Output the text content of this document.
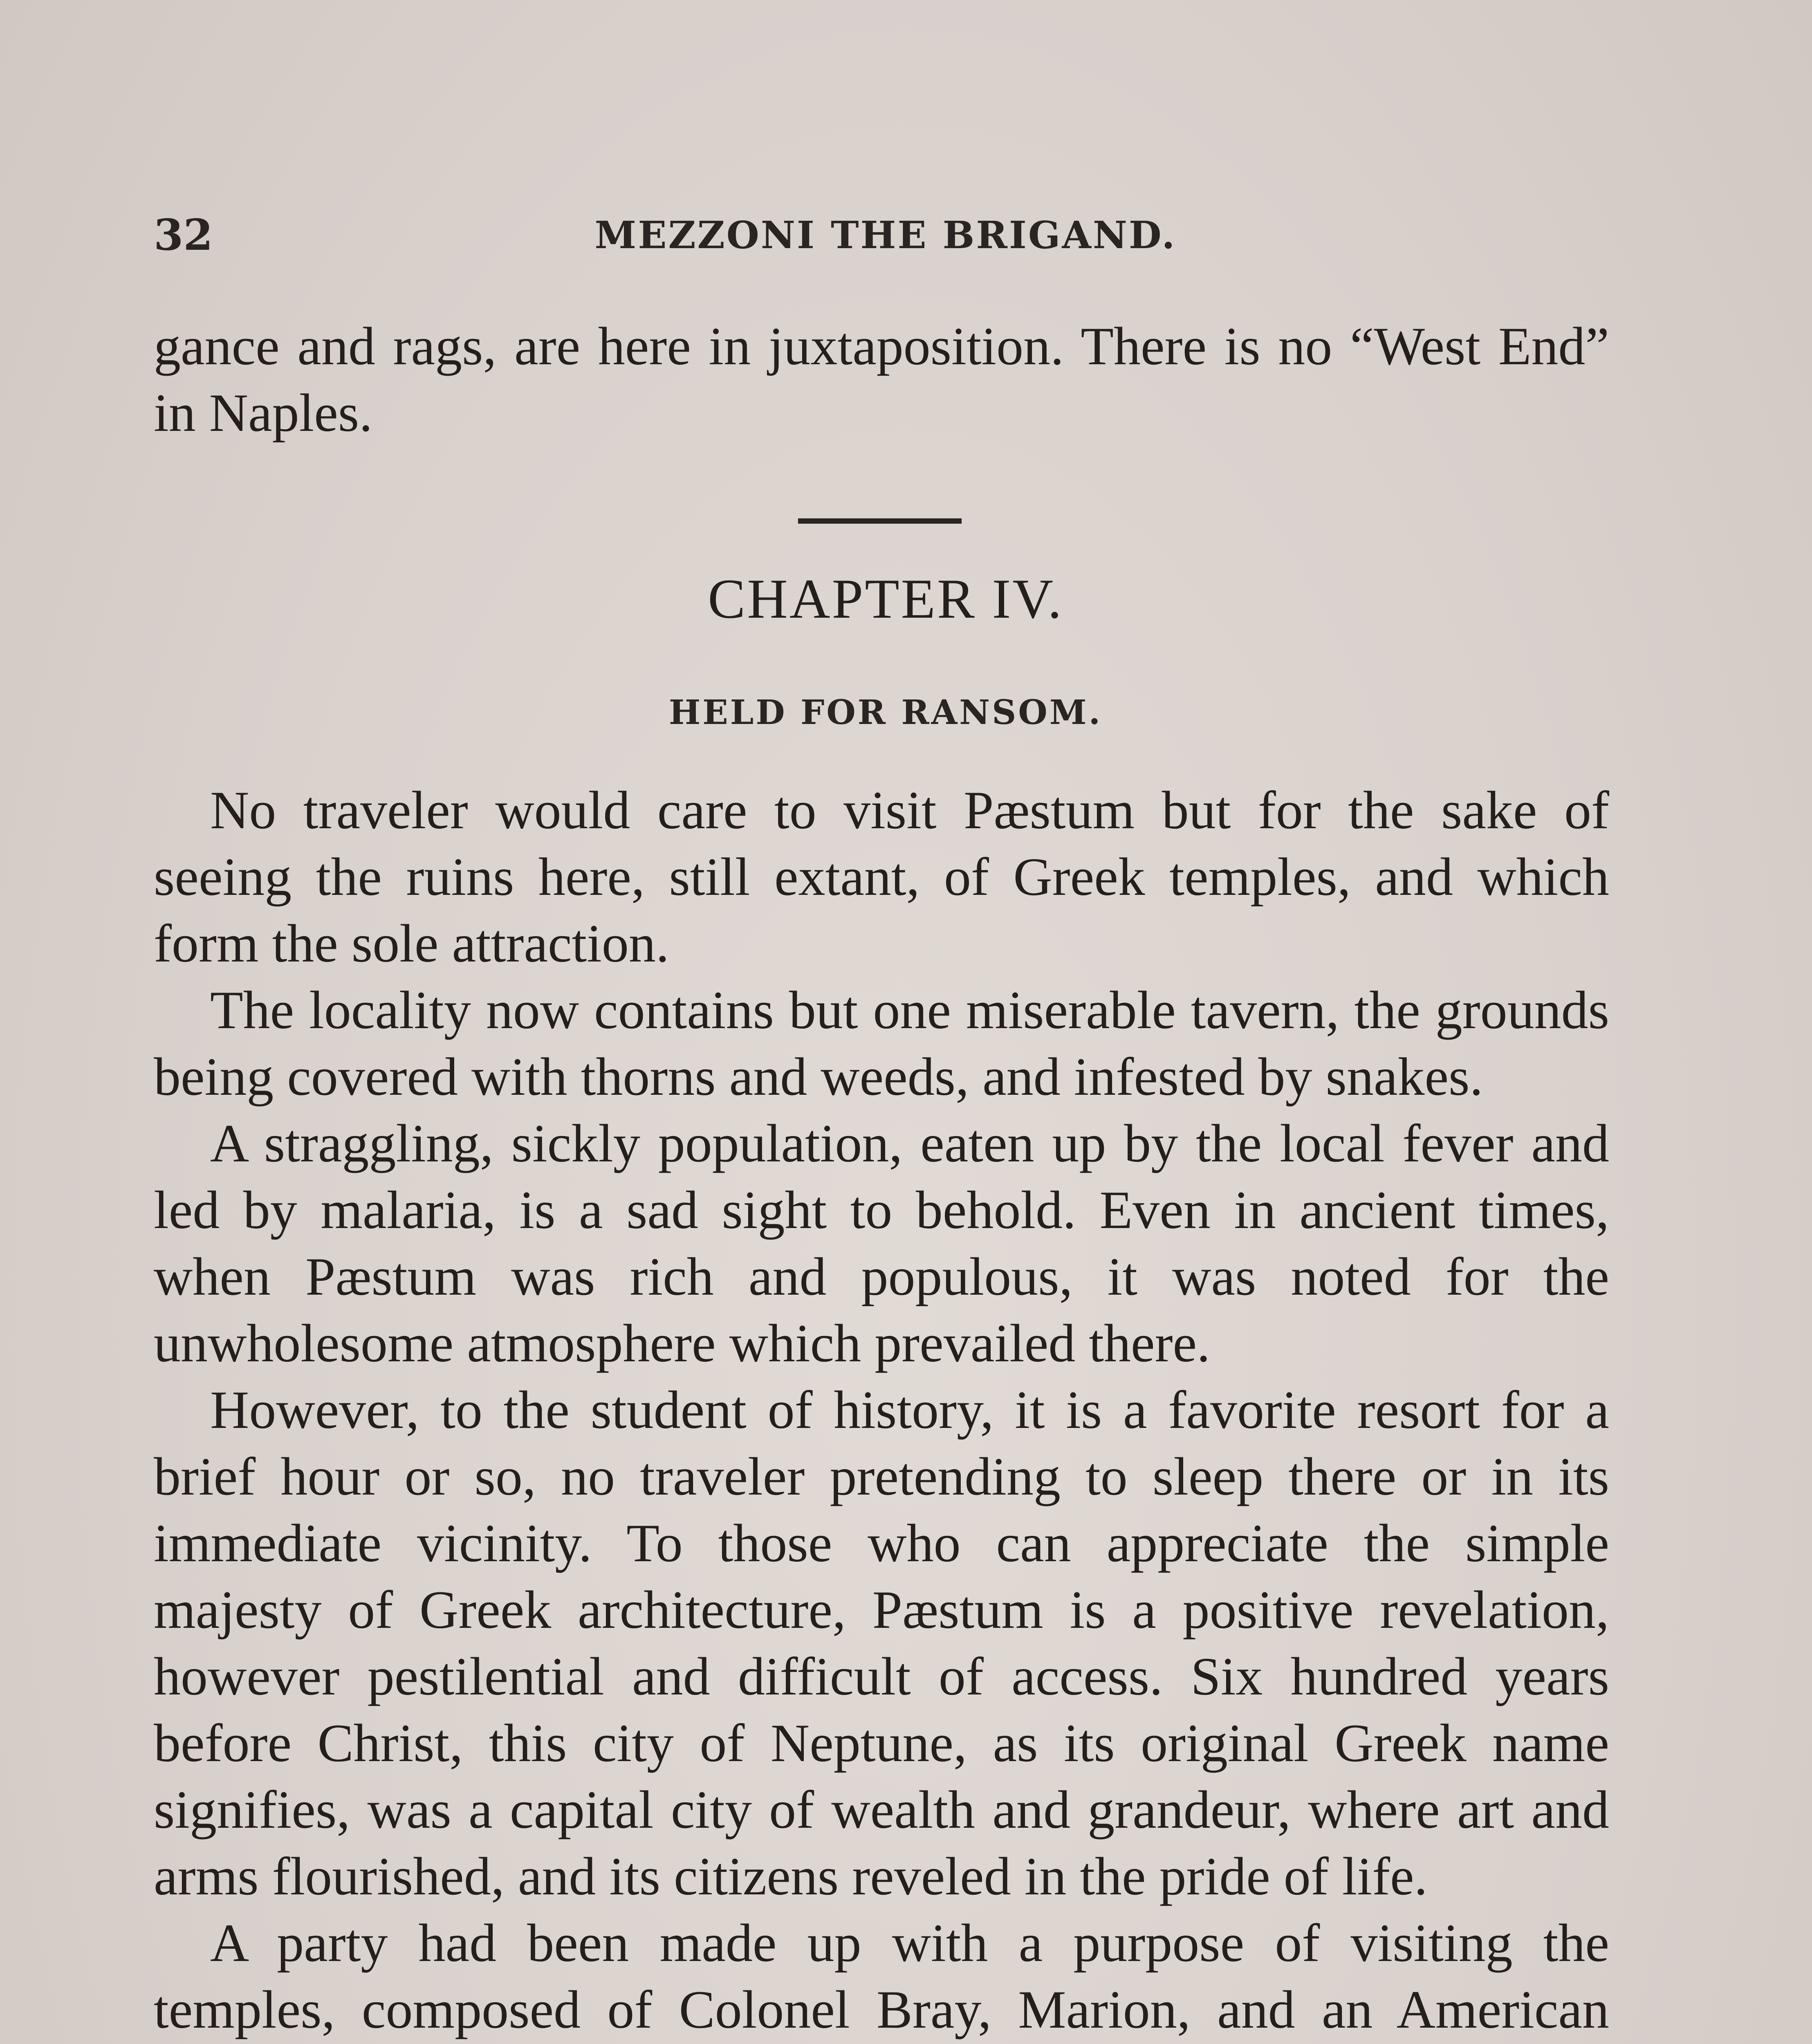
32	MEZZONI THE BRIGAND.

gance and rags, are here in juxtaposition. There is no “West End” in Naples.

CHAPTER IV.
HELD FOR RANSOM.

No traveler would care to visit Pæstum but for the sake of seeing the ruins here, still extant, of Greek temples, and which form the sole attraction.

The locality now contains but one miserable tavern, the grounds being covered with thorns and weeds, and infested by snakes.

A straggling, sickly population, eaten up by the local fever and led by malaria, is a sad sight to behold. Even in ancient times, when Pæstum was rich and populous, it was noted for the unwholesome atmosphere which prevailed there.

However, to the student of history, it is a favorite resort for a brief hour or so, no traveler pretending to sleep there or in its immediate vicinity. To those who can appreciate the simple majesty of Greek architecture, Pæstum is a positive revelation, however pestilential and difficult of access. Six hundred years before Christ, this city of Neptune, as its original Greek name signifies, was a capital city of wealth and grandeur, where art and arms flourished, and its citizens reveled in the pride of life.

A party had been made up with a purpose of visiting the temples, composed of Colonel Bray, Marion, and an American
